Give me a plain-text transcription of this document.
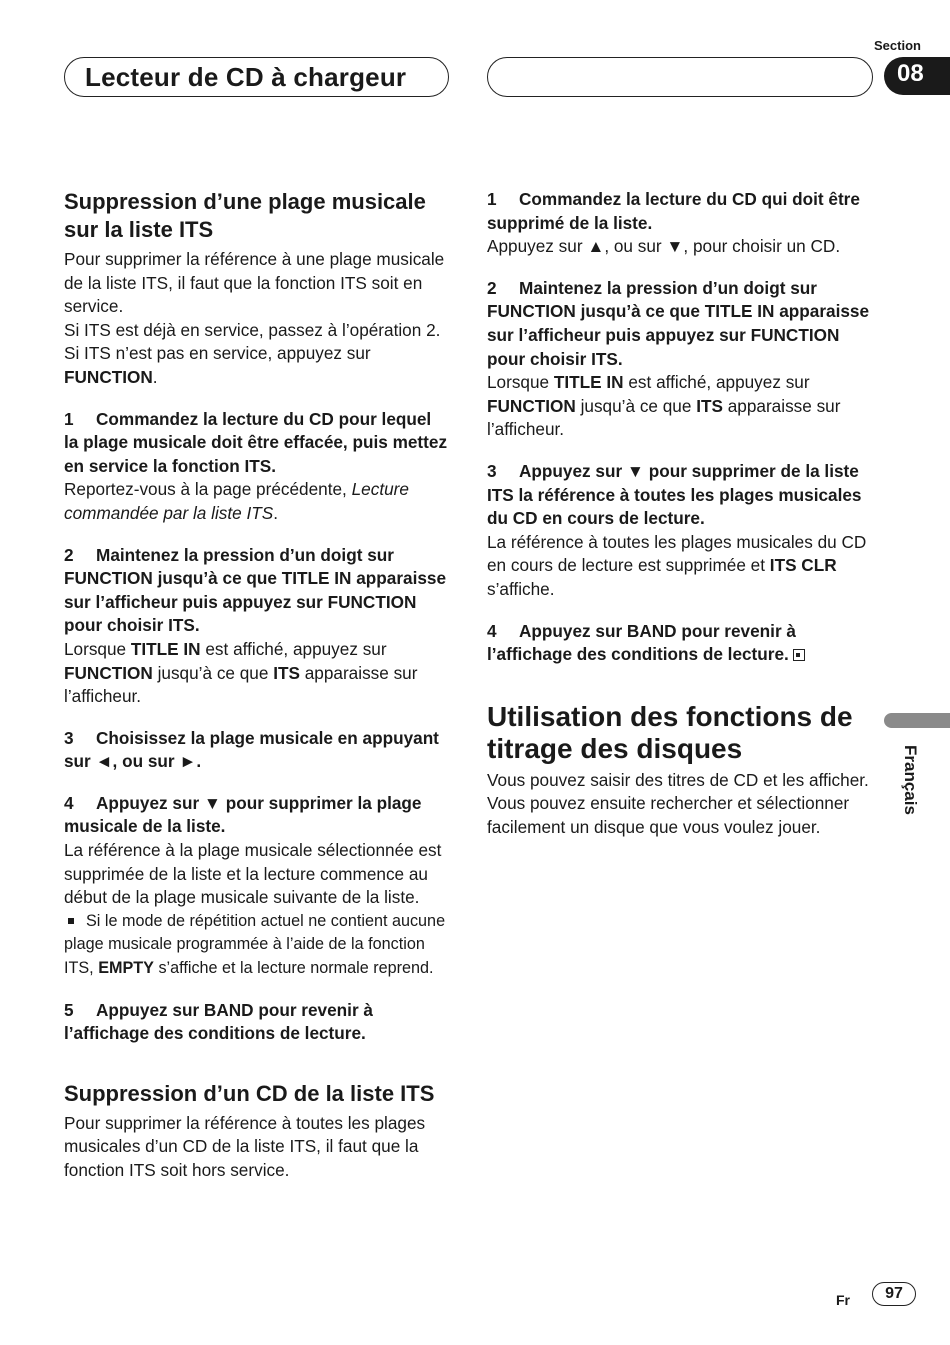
Lecteur de CD à chargeur
Section
08
Suppression d’une plage musicale sur la liste ITS

Pour supprimer la référence à une plage musicale de la liste ITS, il faut que la fonction ITS soit en service.

Si ITS est déjà en service, passez à l’opération 2. Si ITS n’est pas en service, appuyez sur FUNCTION.

1 Commandez la lecture du CD pour lequel la plage musicale doit être effacée, puis mettez en service la fonction ITS.

Reportez-vous à la page précédente, Lecture commandée par la liste ITS.

2 Maintenez la pression d’un doigt sur FUNCTION jusqu’à ce que TITLE IN apparaisse sur l’afficheur puis appuyez sur FUNCTION pour choisir ITS.

Lorsque TITLE IN est affiché, appuyez sur FUNCTION jusqu’à ce que ITS apparaisse sur l’afficheur.

3 Choisissez la plage musicale en appuyant sur ◄, ou sur ►.

4 Appuyez sur ▼ pour supprimer la plage musicale de la liste.

La référence à la plage musicale sélectionnée est supprimée de la liste et la lecture commence au début de la plage musicale suivante de la liste.

Si le mode de répétition actuel ne contient aucune plage musicale programmée à l’aide de la fonction ITS, EMPTY s’affiche et la lecture normale reprend.

5 Appuyez sur BAND pour revenir à l’affichage des conditions de lecture.

Suppression d’un CD de la liste ITS

Pour supprimer la référence à toutes les plages musicales d’un CD de la liste ITS, il faut que la fonction ITS soit hors service.

1 Commandez la lecture du CD qui doit être supprimé de la liste.

Appuyez sur ▲, ou sur ▼, pour choisir un CD.

2 Maintenez la pression d’un doigt sur FUNCTION jusqu’à ce que TITLE IN apparaisse sur l’afficheur puis appuyez sur FUNCTION pour choisir ITS.

Lorsque TITLE IN est affiché, appuyez sur FUNCTION jusqu’à ce que ITS apparaisse sur l’afficheur.

3 Appuyez sur ▼ pour supprimer de la liste ITS la référence à toutes les plages musicales du CD en cours de lecture.

La référence à toutes les plages musicales du CD en cours de lecture est supprimée et ITS CLR s’affiche.

4 Appuyez sur BAND pour revenir à l’affichage des conditions de lecture.

Utilisation des fonctions de titrage des disques

Vous pouvez saisir des titres de CD et les afficher. Vous pouvez ensuite rechercher et sélectionner facilement un disque que vous voulez jouer.

Français
Fr	97
